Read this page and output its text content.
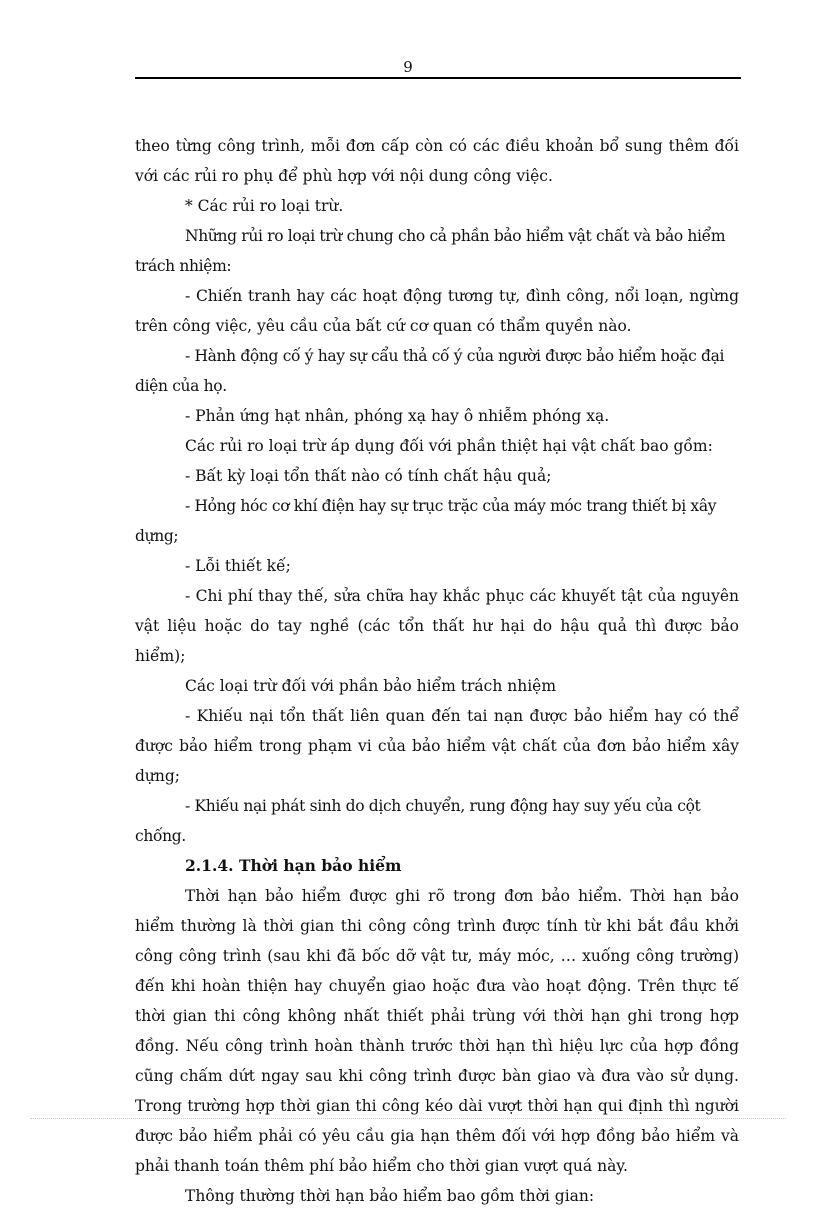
9

theo từng công trình, mỗi đơn cấp còn có các điều khoản bổ sung thêm đối với các rủi ro phụ để phù hợp với nội dung công việc.

* Các rủi ro loại trừ.

Những rủi ro loại trừ chung cho cả phần bảo hiểm vật chất và bảo hiểm trách nhiệm:

- Chiến tranh hay các hoạt động tương tự, đình công, nổi loạn, ngừng trên công việc, yêu cầu của bất cứ cơ quan có thẩm quyền nào.

- Hành động cố ý hay sự cẩu thả cố ý của người được bảo hiểm hoặc đại diện của họ.

- Phản ứng hạt nhân, phóng xạ hay ô nhiễm phóng xạ.

Các rủi ro loại trừ áp dụng đối với phần thiệt hại vật chất bao gồm:

- Bất kỳ loại tổn thất nào có tính chất hậu quả;

- Hỏng hóc cơ khí điện hay sự trục trặc của máy móc trang thiết bị xây dựng;

- Lỗi thiết kế;

- Chi phí thay thế, sửa chữa hay khắc phục các khuyết tật của nguyên vật liệu hoặc do tay nghề (các tổn thất hư hại do hậu quả thì được bảo hiểm);

Các loại trừ đối với phần bảo hiểm trách nhiệm

- Khiếu nại tổn thất liên quan đến tai nạn được bảo hiểm hay có thể được bảo hiểm trong phạm vi của bảo hiểm vật chất của đơn bảo hiểm xây dựng;

- Khiếu nại phát sinh do dịch chuyển, rung động hay suy yếu của cột chống.

2.1.4. Thời hạn bảo hiểm

Thời hạn bảo hiểm được ghi rõ trong đơn bảo hiểm. Thời hạn bảo hiểm thường là thời gian thi công công trình được tính từ khi bắt đầu khởi công công trình (sau khi đã bốc dỡ vật tư, máy móc, … xuống công trường) đến khi hoàn thiện hay chuyển giao hoặc đưa vào hoạt động. Trên thực tế thời gian thi công không nhất thiết phải trùng với thời hạn ghi trong hợp đồng. Nếu công trình hoàn thành trước thời hạn thì hiệu lực của hợp đồng cũng chấm dứt ngay sau khi công trình được bàn giao và đưa vào sử dụng. Trong trường hợp thời gian thi công kéo dài vượt thời hạn qui định thì người được bảo hiểm phải có yêu cầu gia hạn thêm đối với hợp đồng bảo hiểm và phải thanh toán thêm phí bảo hiểm cho thời gian vượt quá này.

Thông thường thời hạn bảo hiểm bao gồm thời gian:
